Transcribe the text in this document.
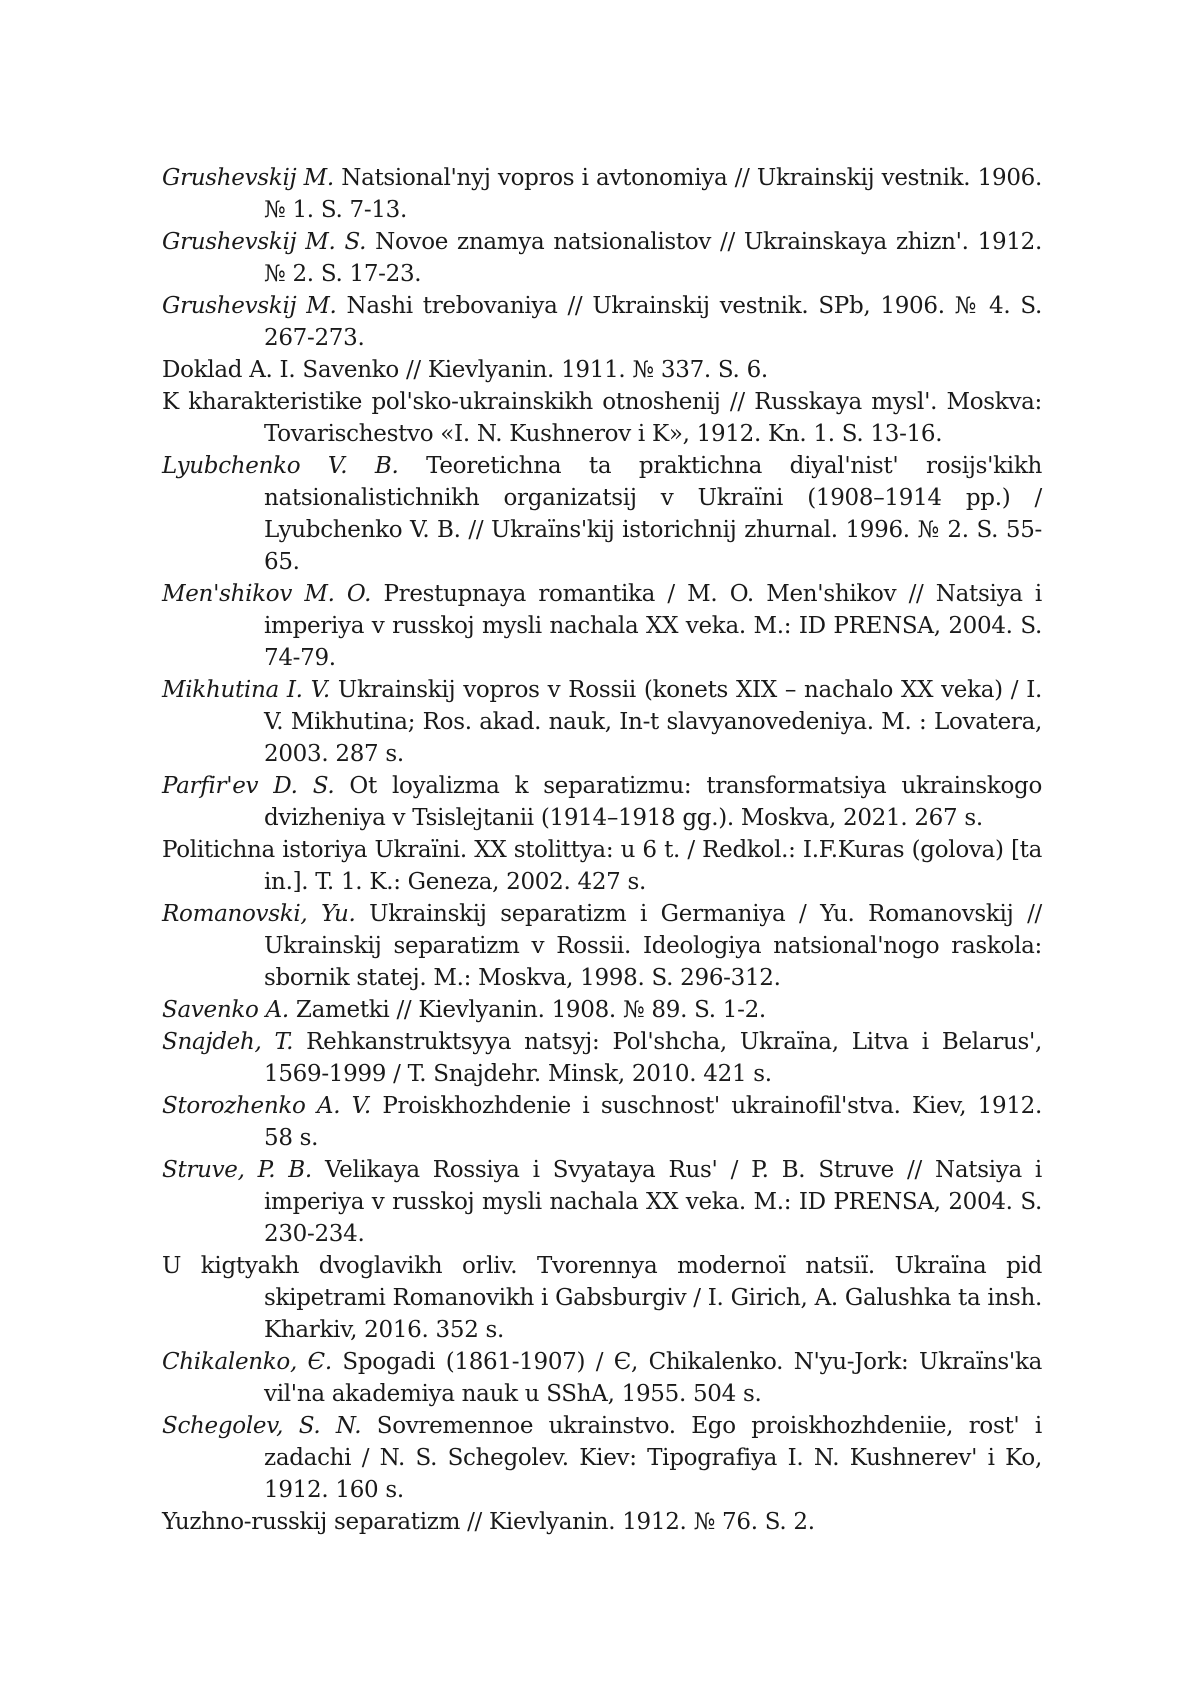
Grushevskij M. Natsional'nyj vopros i avtonomiya // Ukrainskij vestnik. 1906. № 1. S. 7-13.
Grushevskij M. S. Novoe znamya natsionalistov // Ukrainskaya zhizn'. 1912. № 2. S. 17-23.
Grushevskij M. Nashi trebovaniya // Ukrainskij vestnik. SPb, 1906. № 4. S. 267-273.
Doklad A. I. Savenko // Kievlyanin. 1911. № 337. S. 6.
K kharakteristike pol'sko-ukrainskikh otnoshenij // Russkaya mysl'. Moskva: Tovarischestvo «I. N. Kushnerov i K», 1912. Kn. 1. S. 13-16.
Lyubchenko V. B. Teoretichna ta praktichna diyal'nist' rosijs'kikh natsionalistichnikh organizatsij v Ukraïni (1908–1914 pp.) / Lyubchenko V. B. // Ukraïns'kij istorichnij zhurnal. 1996. № 2. S. 55-65.
Men'shikov M. O. Prestupnaya romantika / M. O. Men'shikov // Natsiya i imperiya v russkoj mysli nachala XX veka. M.: ID PRENSA, 2004. S. 74-79.
Mikhutina I. V. Ukrainskij vopros v Rossii (konets XIX – nachalo XX veka) / I. V. Mikhutina; Ros. akad. nauk, In-t slavyanovedeniya. M. : Lovatera, 2003. 287 s.
Parfir'ev D. S. Ot loyalizma k separatizmu: transformatsiya ukrainskogo dvizheniya v Tsislejtanii (1914–1918 gg.). Moskva, 2021. 267 s.
Politichna istoriya Ukraïni. XX stolittya: u 6 t. / Redkol.: I.F.Kuras (golova) [ta in.]. T. 1. K.: Geneza, 2002. 427 s.
Romanovski, Yu. Ukrainskij separatizm i Germaniya / Yu. Romanovskij // Ukrainskij separatizm v Rossii. Ideologiya natsional'nogo raskola: sbornik statej. M.: Moskva, 1998. S. 296-312.
Savenko A. Zametki // Kievlyanin. 1908. № 89. S. 1-2.
Snajdeh, T. Rehkanstruktsyya natsyj: Pol'shcha, Ukraïna, Litva i Belarus', 1569-1999 / T. Snajdehr. Minsk, 2010. 421 s.
Storozhenko A. V. Proiskhozhdenie i suschnost' ukrainofil'stva. Kiev, 1912. 58 s.
Struve, P. B. Velikaya Rossiya i Svyataya Rus' / P. B. Struve // Natsiya i imperiya v russkoj mysli nachala XX veka. M.: ID PRENSA, 2004. S. 230-234.
U kigtyakh dvoglavikh orliv. Tvorennya modernoï natsiï. Ukraïna pid skipetrami Romanovikh i Gabsburgiv / I. Girich, A. Galushka ta insh. Kharkiv, 2016. 352 s.
Chikalenko, Є. Spogadi (1861-1907) / Є, Chikalenko. N'yu-Jork: Ukraïns'ka vil'na akademiya nauk u SShA, 1955. 504 s.
Schegolev, S. N. Sovremennoe ukrainstvo. Ego proiskhozhdeniie, rost' i zadachi / N. S. Schegolev. Kiev: Tipografiya I. N. Kushnerev' i Ko, 1912. 160 s.
Yuzhno-russkij separatizm // Kievlyanin. 1912. № 76. S. 2.
